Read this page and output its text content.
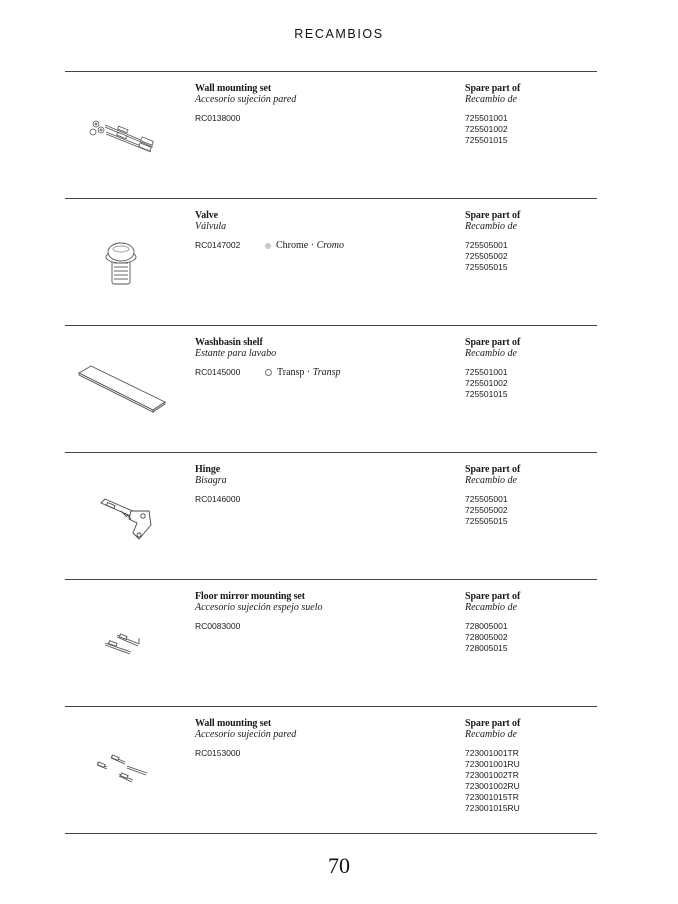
RECAMBIOS
Wall mounting set
Accesorio sujeción pared
RC0138000
Spare part of
Recambio de
725501001
725501002
725501015
Valve
Válvula
RC0147002	Chrome · Cromo
Spare part of
Recambio de
725505001
725505002
725505015
Washbasin shelf
Estante para lavabo
RC0145000	Transp · Transp
Spare part of
Recambio de
725501001
725501002
725501015
Hinge
Bisagra
RC0146000
Spare part of
Recambio de
725505001
725505002
725505015
Floor mirror mounting set
Accesorio sujeción espejo suelo
RC0083000
Spare part of
Recambio de
728005001
728005002
728005015
Wall mounting set
Accesorio sujeción pared
RC0153000
Spare part of
Recambio de
723001001TR
723001001RU
723001002TR
723001002RU
723001015TR
723001015RU
70
